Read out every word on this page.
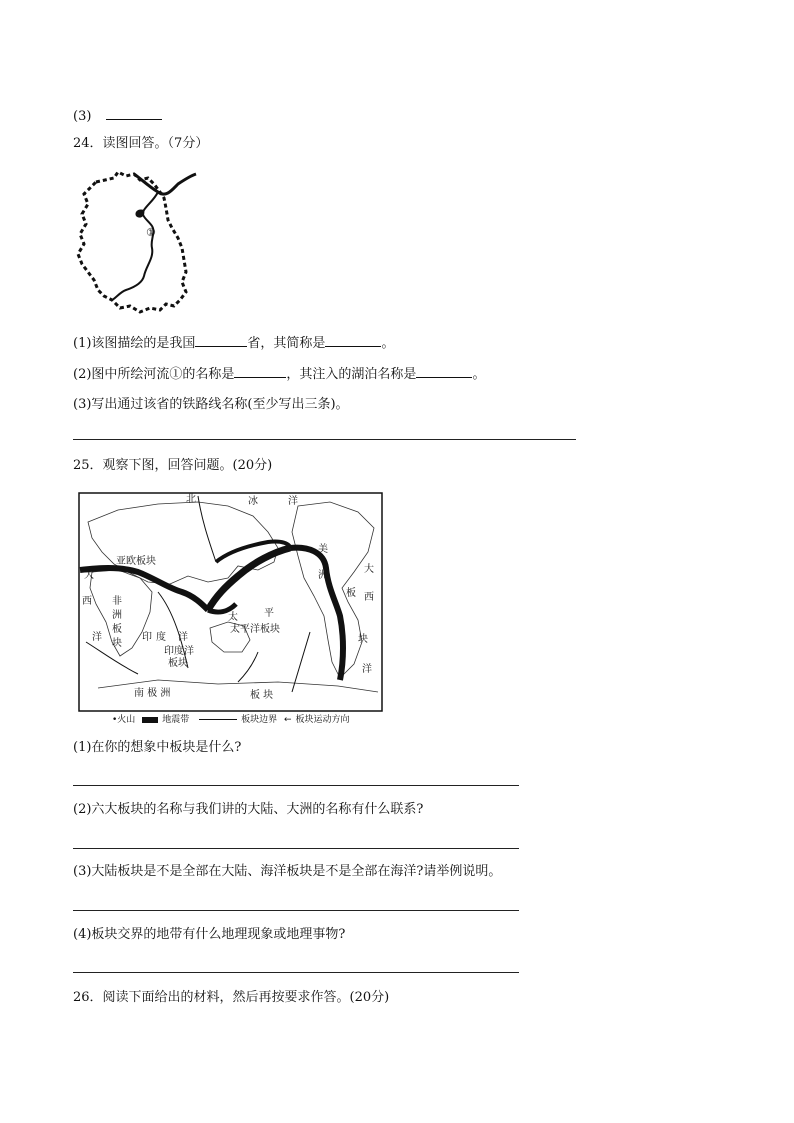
(3)
24．读图回答。（7分）
①
(1)该图描绘的是我国	省，其简称是	。
(2)图中所绘河流①的名称是	，其注入的湖泊名称是	。
(3)写出通过该省的铁路线名称(至少写出三条)。
25．观察下图，回答问题。(20分)
北	冰	洋
亚欧板块
美
洲
大
西
非
洲
板
块
大
西
洋	印 度 洋
印度洋
板块
太	平
太平洋板块
板
块
洋
南 极 洲	板 块
•火山	地震带	板块边界 ← 板块运动方向
(1)在你的想象中板块是什么?
(2)六大板块的名称与我们讲的大陆、大洲的名称有什么联系?
(3)大陆板块是不是全部在大陆、海洋板块是不是全部在海洋?请举例说明。
(4)板块交界的地带有什么地理现象或地理事物?
26．阅读下面给出的材料，然后再按要求作答。(20分)
